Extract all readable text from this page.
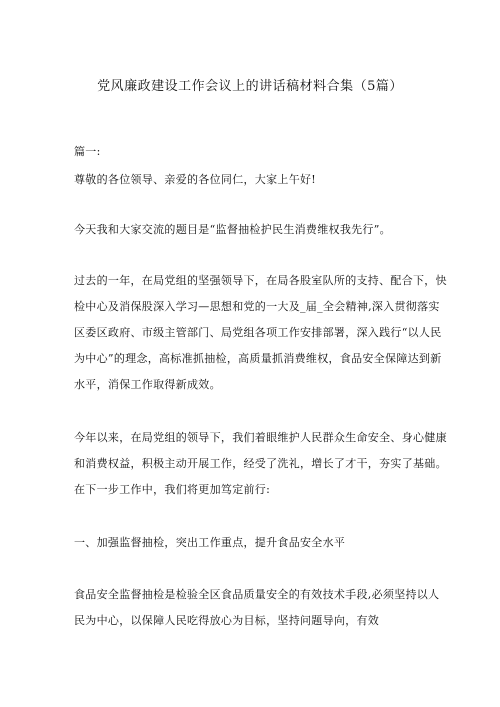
党风廉政建设工作会议上的讲话稿材料合集（5篇）
篇一:
尊敬的各位领导、亲爱的各位同仁，大家上午好!
今天我和大家交流的题目是“监督抽检护民生消费维权我先行”。
过去的一年，在局党组的坚强领导下，在局各股室队所的支持、配合下，快
检中心及消保股深入学习—思想和党的一大及_届_全会精神,深入贯彻落实
区委区政府、市级主管部门、局党组各项工作安排部署，深入践行“以人民
为中心”的理念，高标准抓抽检，高质量抓消费维权，食品安全保障达到新
水平，消保工作取得新成效。
今年以来，在局党组的领导下，我们着眼维护人民群众生命安全、身心健康
和消费权益，积极主动开展工作，经受了洗礼，增长了才干，夯实了基础。
在下一步工作中，我们将更加笃定前行:
一、加强监督抽检，突出工作重点，提升食品安全水平
食品安全监督抽检是检验全区食品质量安全的有效技术手段,必须坚持以人
民为中心，以保障人民吃得放心为目标，坚持问题导向，有效
